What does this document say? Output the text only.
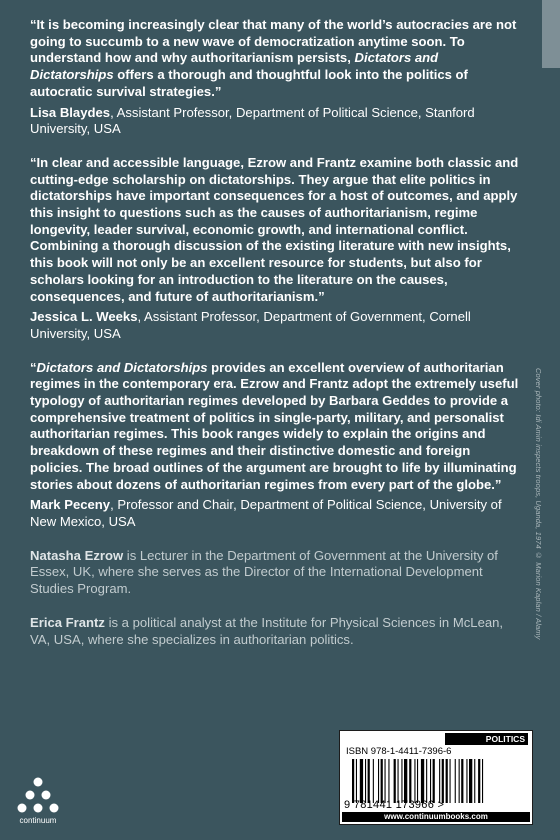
“It is becoming increasingly clear that many of the world’s autocracies are not going to succumb to a new wave of democratization anytime soon. To understand how and why authoritarianism persists, Dictators and Dictatorships offers a thorough and thoughtful look into the politics of autocratic survival strategies.”

Lisa Blaydes, Assistant Professor, Department of Political Science, Stanford University, USA

“In clear and accessible language, Ezrow and Frantz examine both classic and cutting-edge scholarship on dictatorships. They argue that elite politics in dictatorships have important consequences for a host of outcomes, and apply this insight to questions such as the causes of authoritarianism, regime longevity, leader survival, economic growth, and international conflict. Combining a thorough discussion of the existing literature with new insights, this book will not only be an excellent resource for students, but also for scholars looking for an introduction to the literature on the causes, consequences, and future of authoritarianism.”

Jessica L. Weeks, Assistant Professor, Department of Government, Cornell University, USA

“Dictators and Dictatorships provides an excellent overview of authoritarian regimes in the contemporary era. Ezrow and Frantz adopt the extremely useful typology of authoritarian regimes developed by Barbara Geddes to provide a comprehensive treatment of politics in single-party, military, and personalist authoritarian regimes. This book ranges widely to explain the origins and breakdown of these regimes and their distinctive domestic and foreign policies. The broad outlines of the argument are brought to life by illuminating stories about dozens of authoritarian regimes from every part of the globe.”

Mark Peceny, Professor and Chair, Department of Political Science, University of New Mexico, USA

Natasha Ezrow is Lecturer in the Department of Government at the University of Essex, UK, where she serves as the Director of the International Development Studies Program.

Erica Frantz is a political analyst at the Institute for Physical Sciences in McLean, VA, USA, where she specializes in authoritarian politics.	Cover photo: Idi Amin inspects troops, Uganda, 1974 © Marion Kaplan / Alamy
continuum
POLITICS
ISBN 978-1-4411-7396-6
9 781441 173966 >
www.continuumbooks.com
